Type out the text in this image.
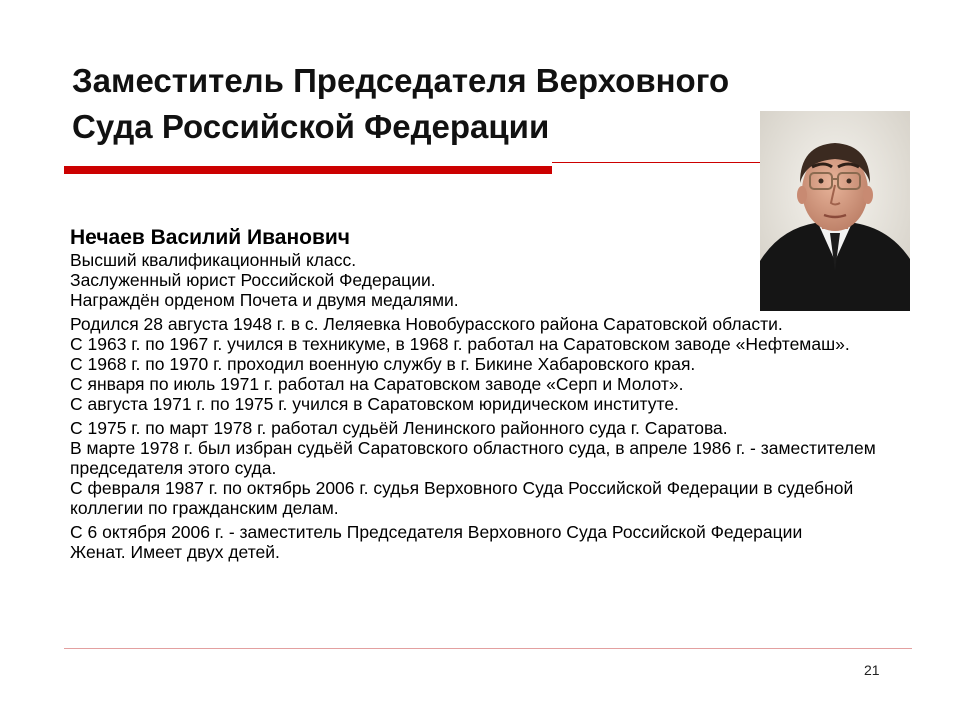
Заместитель Председателя Верховного
Суда Российской Федерации
Нечаев Василий Иванович

Высший квалификационный класс.

Заслуженный юрист Российской Федерации.

Награждён орденом Почета и двумя медалями.

Родился 28 августа 1948 г. в с. Леляевка Новобурасского района Саратовской области.

С 1963 г. по 1967 г. учился в техникуме, в 1968 г. работал на Саратовском заводе «Нефтемаш».

С 1968 г. по 1970 г. проходил военную службу в г. Бикине Хабаровского края.

С января по июль 1971 г. работал на Саратовском заводе «Серп и Молот».

С августа 1971 г. по 1975 г. учился в Саратовском юридическом институте.

С 1975 г. по март 1978 г. работал судьёй Ленинского районного суда г. Саратова.

В марте 1978 г. был избран судьёй Саратовского областного суда, в апреле 1986 г. - заместителем председателя этого суда.

С февраля 1987 г. по октябрь 2006 г. судья Верховного Суда Российской Федерации в судебной коллегии по гражданским делам.

С 6 октября 2006 г. - заместитель Председателя Верховного Суда Российской Федерации

Женат. Имеет двух детей.

21
